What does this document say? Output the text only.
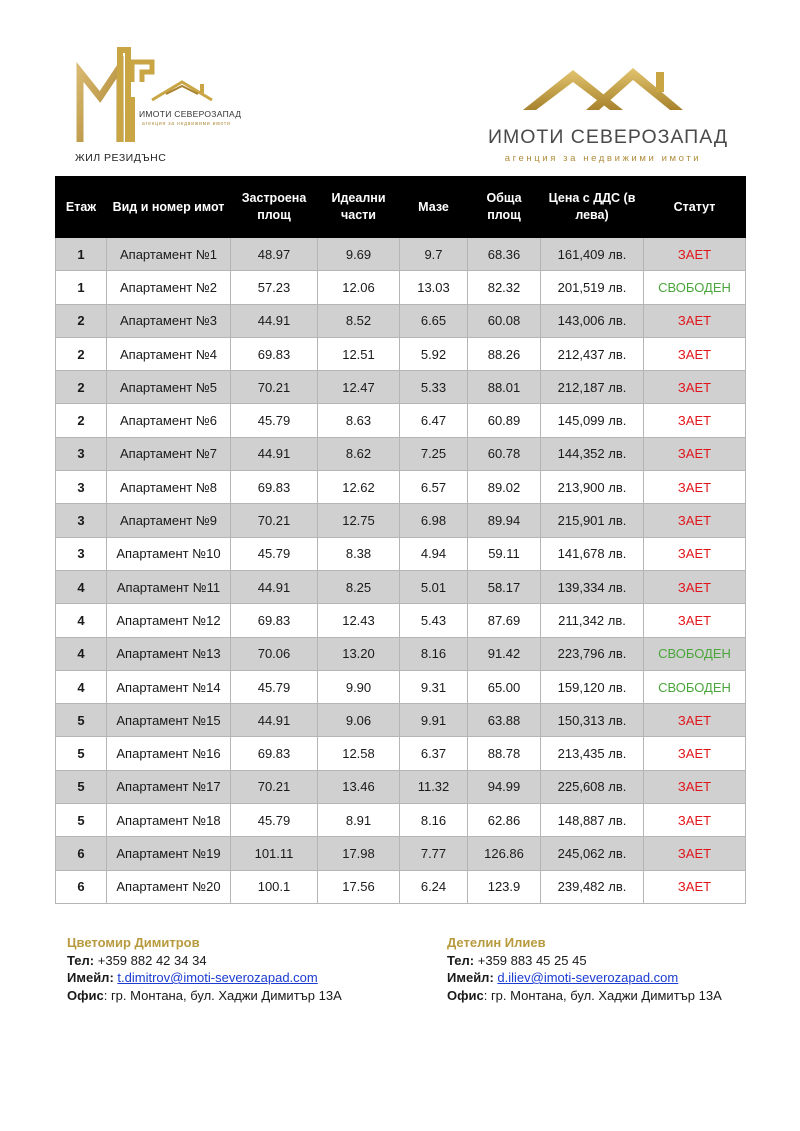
ИМОТИ СЕВЕРОЗАПАД
агенция за недвижими имоти
ЖИЛ РЕЗИДЪНС
ИМОТИ СЕВЕРОЗАПАД
агенция за недвижими имоти
Етаж	Вид и номер имот	Застроена площ	Идеални части	Мазе	Обща площ	Цена с ДДС (в лева)	Статут
1	Апартамент №1	48.97	9.69	9.7	68.36	161,409 лв.	ЗАЕТ
1	Апартамент №2	57.23	12.06	13.03	82.32	201,519 лв.	СВОБОДЕН
2	Апартамент №3	44.91	8.52	6.65	60.08	143,006 лв.	ЗАЕТ
2	Апартамент №4	69.83	12.51	5.92	88.26	212,437 лв.	ЗАЕТ
2	Апартамент №5	70.21	12.47	5.33	88.01	212,187 лв.	ЗАЕТ
2	Апартамент №6	45.79	8.63	6.47	60.89	145,099 лв.	ЗАЕТ
3	Апартамент №7	44.91	8.62	7.25	60.78	144,352 лв.	ЗАЕТ
3	Апартамент №8	69.83	12.62	6.57	89.02	213,900 лв.	ЗАЕТ
3	Апартамент №9	70.21	12.75	6.98	89.94	215,901 лв.	ЗАЕТ
3	Апартамент №10	45.79	8.38	4.94	59.11	141,678 лв.	ЗАЕТ
4	Апартамент №11	44.91	8.25	5.01	58.17	139,334 лв.	ЗАЕТ
4	Апартамент №12	69.83	12.43	5.43	87.69	211,342 лв.	ЗАЕТ
4	Апартамент №13	70.06	13.20	8.16	91.42	223,796 лв.	СВОБОДЕН
4	Апартамент №14	45.79	9.90	9.31	65.00	159,120 лв.	СВОБОДЕН
5	Апартамент №15	44.91	9.06	9.91	63.88	150,313 лв.	ЗАЕТ
5	Апартамент №16	69.83	12.58	6.37	88.78	213,435 лв.	ЗАЕТ
5	Апартамент №17	70.21	13.46	11.32	94.99	225,608 лв.	ЗАЕТ
5	Апартамент №18	45.79	8.91	8.16	62.86	148,887 лв.	ЗАЕТ
6	Апартамент №19	101.11	17.98	7.77	126.86	245,062 лв.	ЗАЕТ
6	Апартамент №20	100.1	17.56	6.24	123.9	239,482 лв.	ЗАЕТ
Цветомир Димитров
Тел: +359 882 42 34 34
Имейл: t.dimitrov@imoti-severozapad.com
Офис: гр. Монтана, бул. Хаджи Димитър 13А
Детелин Илиев
Тел: +359 883 45 25 45
Имейл: d.iliev@imoti-severozapad.com
Офис: гр. Монтана, бул. Хаджи Димитър 13А
